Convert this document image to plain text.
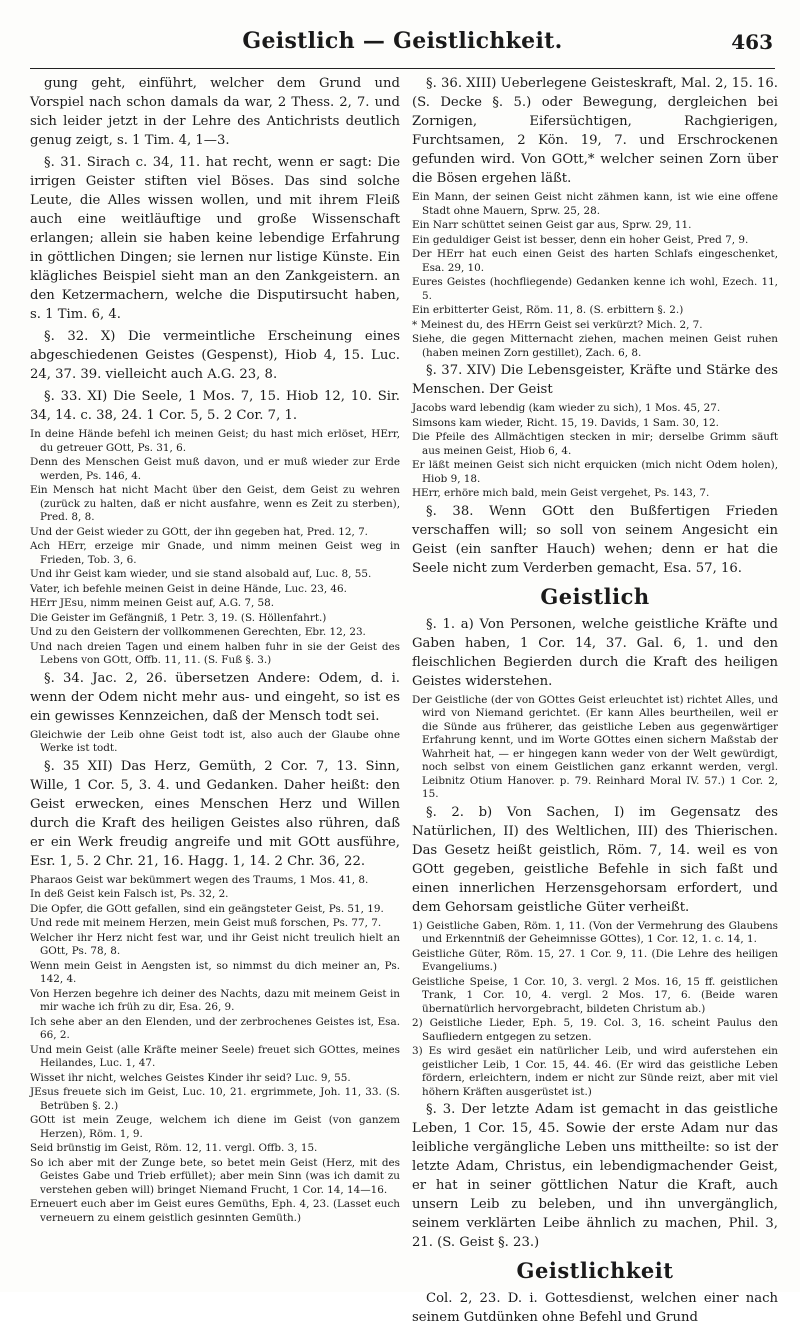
Geistlich — Geistlichkeit.	463
gung geht, einführt, welcher dem Grund und Vorspiel nach schon damals da war, 2 Thess. 2, 7. und sich leider jetzt in der Lehre des Antichrists deutlich genug zeigt, s. 1 Tim. 4, 1—3.
§. 31. Sirach c. 34, 11. hat recht, wenn er sagt: Die irrigen Geister stiften viel Böses. Das sind solche Leute, die Alles wissen wollen, und mit ihrem Fleiß auch eine weitläuftige und große Wissenschaft erlangen; allein sie haben keine lebendige Erfahrung in göttlichen Dingen; sie lernen nur listige Künste. Ein klägliches Beispiel sieht man an den Zankgeistern. an den Ketzermachern, welche die Disputirsucht haben, s. 1 Tim. 6, 4.
§. 32. X) Die vermeintliche Erscheinung eines abgeschiedenen Geistes (Gespenst), Hiob 4, 15. Luc. 24, 37. 39. vielleicht auch A.G. 23, 8.
§. 33. XI) Die Seele, 1 Mos. 7, 15. Hiob 12, 10. Sir. 34, 14. c. 38, 24. 1 Cor. 5, 5. 2 Cor. 7, 1.
In deine Hände befehl ich meinen Geist; du hast mich erlöset, HErr, du getreuer GOtt, Ps. 31, 6.
Denn des Menschen Geist muß davon, und er muß wieder zur Erde werden, Ps. 146, 4.
Ein Mensch hat nicht Macht über den Geist, dem Geist zu wehren (zurück zu halten, daß er nicht ausfahre, wenn es Zeit zu sterben), Pred. 8, 8.
Und der Geist wieder zu GOtt, der ihn gegeben hat, Pred. 12, 7.
Ach HErr, erzeige mir Gnade, und nimm meinen Geist weg in Frieden, Tob. 3, 6.
Und ihr Geist kam wieder, und sie stand alsobald auf, Luc. 8, 55.
Vater, ich befehle meinen Geist in deine Hände, Luc. 23, 46.
HErr JEsu, nimm meinen Geist auf, A.G. 7, 58.
Die Geister im Gefängniß, 1 Petr. 3, 19. (S. Höllenfahrt.)
Und zu den Geistern der vollkommenen Gerechten, Ebr. 12, 23.
Und nach dreien Tagen und einem halben fuhr in sie der Geist des Lebens von GOtt, Offb. 11, 11. (S. Fuß §. 3.)
§. 34. Jac. 2, 26. übersetzen Andere: Odem, d. i. wenn der Odem nicht mehr aus- und eingeht, so ist es ein gewisses Kennzeichen, daß der Mensch todt sei.
Gleichwie der Leib ohne Geist todt ist, also auch der Glaube ohne Werke ist todt.
§. 35 XII) Das Herz, Gemüth, 2 Cor. 7, 13. Sinn, Wille, 1 Cor. 5, 3. 4. und Gedanken. Daher heißt: den Geist erwecken, eines Menschen Herz und Willen durch die Kraft des heiligen Geistes also rühren, daß er ein Werk freudig angreife und mit GOtt ausführe, Esr. 1, 5. 2 Chr. 21, 16. Hagg. 1, 14. 2 Chr. 36, 22.
Pharaos Geist war bekümmert wegen des Traums, 1 Mos. 41, 8.
In deß Geist kein Falsch ist, Ps. 32, 2.
Die Opfer, die GOtt gefallen, sind ein geängsteter Geist, Ps. 51, 19.
Und rede mit meinem Herzen, mein Geist muß forschen, Ps. 77, 7.
Welcher ihr Herz nicht fest war, und ihr Geist nicht treulich hielt an GOtt, Ps. 78, 8.
Wenn mein Geist in Aengsten ist, so nimmst du dich meiner an, Ps. 142, 4.
Von Herzen begehre ich deiner des Nachts, dazu mit meinem Geist in mir wache ich früh zu dir, Esa. 26, 9.
Ich sehe aber an den Elenden, und der zerbrochenes Geistes ist, Esa. 66, 2.
Und mein Geist (alle Kräfte meiner Seele) freuet sich GOttes, meines Heilandes, Luc. 1, 47.
Wisset ihr nicht, welches Geistes Kinder ihr seid? Luc. 9, 55.
JEsus freuete sich im Geist, Luc. 10, 21. ergrimmete, Joh. 11, 33. (S. Betrüben §. 2.)
GOtt ist mein Zeuge, welchem ich diene im Geist (von ganzem Herzen), Röm. 1, 9.
Seid brünstig im Geist, Röm. 12, 11. vergl. Offb. 3, 15.
So ich aber mit der Zunge bete, so betet mein Geist (Herz, mit des Geistes Gabe und Trieb erfüllet); aber mein Sinn (was ich damit zu verstehen geben will) bringet Niemand Frucht, 1 Cor. 14, 14—16.
Erneuert euch aber im Geist eures Gemüths, Eph. 4, 23. (Lasset euch verneuern zu einem geistlich gesinnten Gemüth.)
§. 36. XIII) Ueberlegene Geisteskraft, Mal. 2, 15. 16. (S. Decke §. 5.) oder Bewegung, dergleichen bei Zornigen, Eifersüchtigen, Rachgierigen, Furchtsamen, 2 Kön. 19, 7. und Erschrockenen gefunden wird. Von GOtt,* welcher seinen Zorn über die Bösen ergehen läßt.
Ein Mann, der seinen Geist nicht zähmen kann, ist wie eine offene Stadt ohne Mauern, Sprw. 25, 28.
Ein Narr schüttet seinen Geist gar aus, Sprw. 29, 11.
Ein geduldiger Geist ist besser, denn ein hoher Geist, Pred 7, 9.
Der HErr hat euch einen Geist des harten Schlafs eingeschenket, Esa. 29, 10.
Eures Geistes (hochfliegende) Gedanken kenne ich wohl, Ezech. 11, 5.
Ein erbitterter Geist, Röm. 11, 8. (S. erbittern §. 2.)
* Meinest du, des HErrn Geist sei verkürzt? Mich. 2, 7.
Siehe, die gegen Mitternacht ziehen, machen meinen Geist ruhen (haben meinen Zorn gestillet), Zach. 6, 8.
§. 37. XIV) Die Lebensgeister, Kräfte und Stärke des Menschen. Der Geist
Jacobs ward lebendig (kam wieder zu sich), 1 Mos. 45, 27.
Simsons kam wieder, Richt. 15, 19. Davids, 1 Sam. 30, 12.
Die Pfeile des Allmächtigen stecken in mir; derselbe Grimm säuft aus meinen Geist, Hiob 6, 4.
Er läßt meinen Geist sich nicht erquicken (mich nicht Odem holen), Hiob 9, 18.
HErr, erhöre mich bald, mein Geist vergehet, Ps. 143, 7.
§. 38. Wenn GOtt den Bußfertigen Frieden verschaffen will; so soll von seinem Angesicht ein Geist (ein sanfter Hauch) wehen; denn er hat die Seele nicht zum Verderben gemacht, Esa. 57, 16.
Geistlich
§. 1. a) Von Personen, welche geistliche Kräfte und Gaben haben, 1 Cor. 14, 37. Gal. 6, 1. und den fleischlichen Begierden durch die Kraft des heiligen Geistes widerstehen.
Der Geistliche (der von GOttes Geist erleuchtet ist) richtet Alles, und wird von Niemand gerichtet. (Er kann Alles beurtheilen, weil er die Sünde aus früherer, das geistliche Leben aus gegenwärtiger Erfahrung kennt, und im Worte GOttes einen sichern Maßstab der Wahrheit hat, — er hingegen kann weder von der Welt gewürdigt, noch selbst von einem Geistlichen ganz erkannt werden, vergl. Leibnitz Otium Hanover. p. 79. Reinhard Moral IV. 57.) 1 Cor. 2, 15.
§. 2. b) Von Sachen, I) im Gegensatz des Natürlichen, II) des Weltlichen, III) des Thierischen. Das Gesetz heißt geistlich, Röm. 7, 14. weil es von GOtt gegeben, geistliche Befehle in sich faßt und einen innerlichen Herzensgehorsam erfordert, und dem Gehorsam geistliche Güter verheißt.
1) Geistliche Gaben, Röm. 1, 11. (Von der Vermehrung des Glaubens und Erkenntniß der Geheimnisse GOttes), 1 Cor. 12, 1. c. 14, 1.
Geistliche Güter, Röm. 15, 27. 1 Cor. 9, 11. (Die Lehre des heiligen Evangeliums.)
Geistliche Speise, 1 Cor. 10, 3. vergl. 2 Mos. 16, 15 ff. geistlichen Trank, 1 Cor. 10, 4. vergl. 2 Mos. 17, 6. (Beide waren übernatürlich hervorgebracht, bildeten Christum ab.)
2) Geistliche Lieder, Eph. 5, 19. Col. 3, 16. scheint Paulus den Saufliedern entgegen zu setzen.
3) Es wird gesäet ein natürlicher Leib, und wird auferstehen ein geistlicher Leib, 1 Cor. 15, 44. 46. (Er wird das geistliche Leben fördern, erleichtern, indem er nicht zur Sünde reizt, aber mit viel höhern Kräften ausgerüstet ist.)
§. 3. Der letzte Adam ist gemacht in das geistliche Leben, 1 Cor. 15, 45. Sowie der erste Adam nur das leibliche vergängliche Leben uns mittheilte: so ist der letzte Adam, Christus, ein lebendigmachender Geist, er hat in seiner göttlichen Natur die Kraft, auch unsern Leib zu beleben, und ihn unvergänglich, seinem verklärten Leibe ähnlich zu machen, Phil. 3, 21. (S. Geist §. 23.)
Geistlichkeit
Col. 2, 23. D. i. Gottesdienst, welchen einer nach seinem Gutdünken ohne Befehl und Grund
